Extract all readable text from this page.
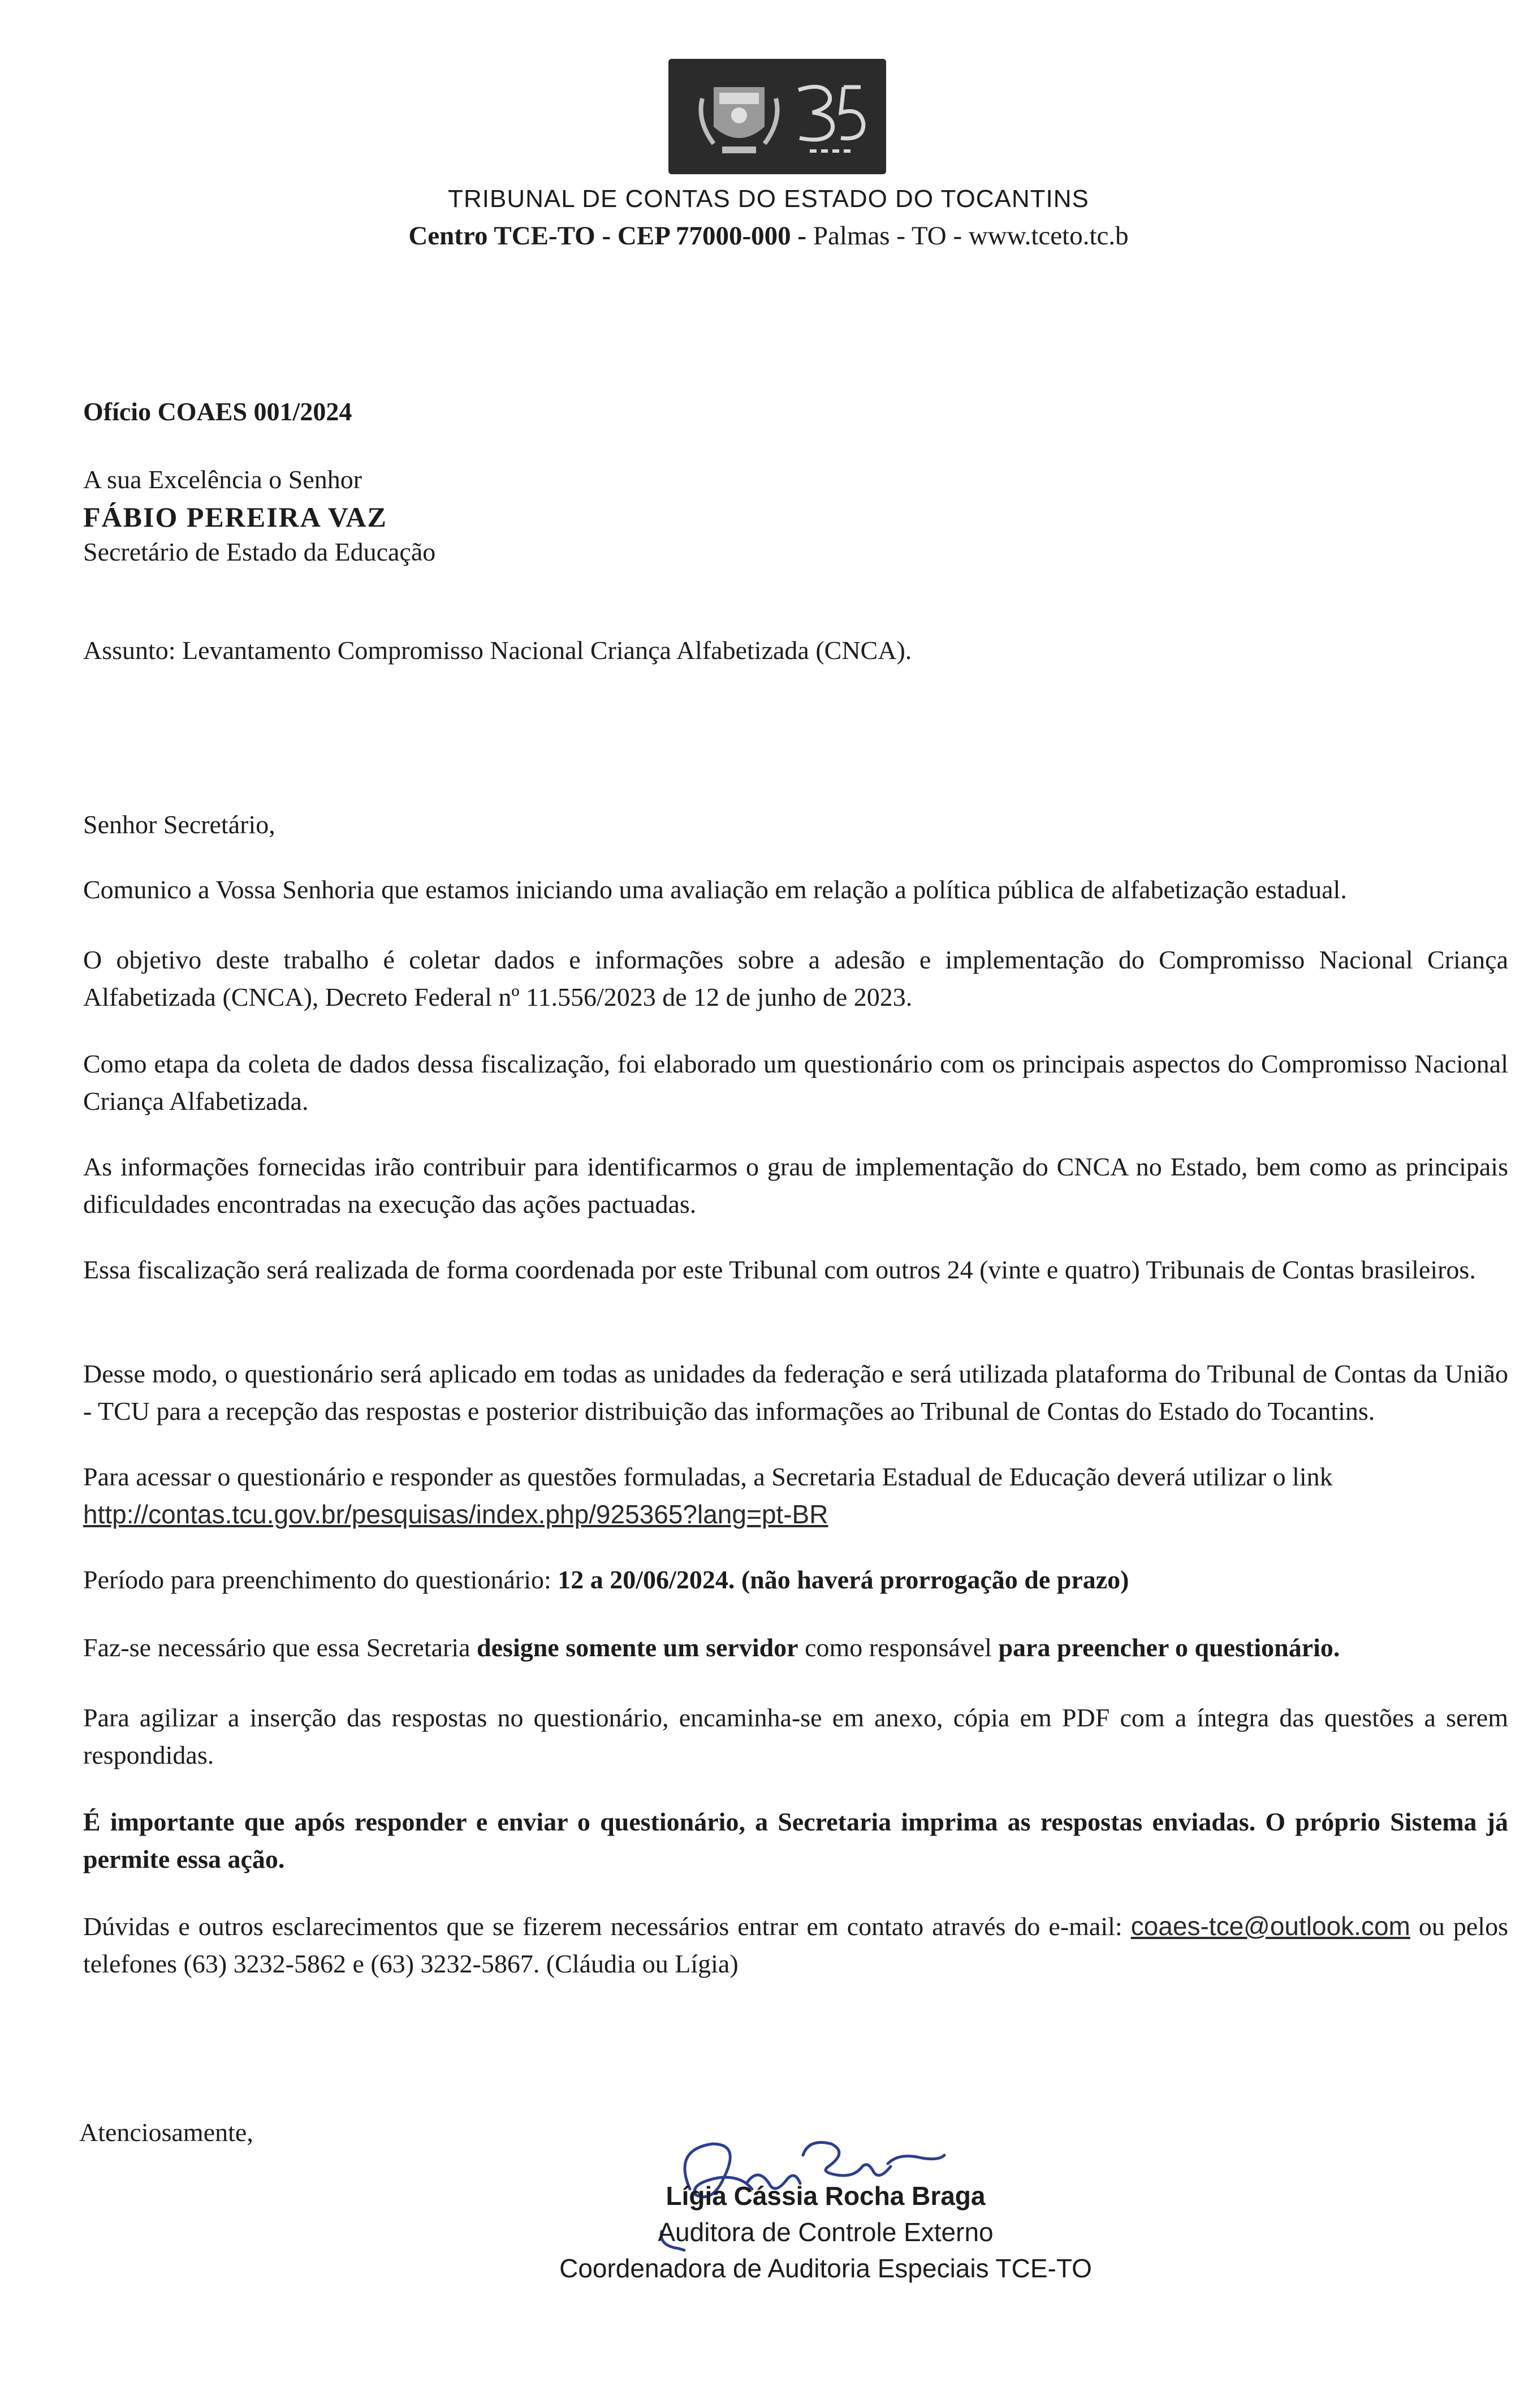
TRIBUNAL DE CONTAS DO ESTADO DO TOCANTINS
Centro TCE-TO - CEP 77000-000 - Palmas - TO - www.tceto.tc.b
Ofício COAES 001/2024
A sua Excelência o Senhor
FÁBIO PEREIRA VAZ
Secretário de Estado da Educação
Assunto: Levantamento Compromisso Nacional Criança Alfabetizada (CNCA).
Senhor Secretário,
Comunico a Vossa Senhoria que estamos iniciando uma avaliação em relação a política pública de alfabetização estadual.
O objetivo deste trabalho é coletar dados e informações sobre a adesão e implementação do Compromisso Nacional Criança Alfabetizada (CNCA), Decreto Federal nº 11.556/2023 de 12 de junho de 2023.
Como etapa da coleta de dados dessa fiscalização, foi elaborado um questionário com os principais aspectos do Compromisso Nacional Criança Alfabetizada.
As informações fornecidas irão contribuir para identificarmos o grau de implementação do CNCA no Estado, bem como as principais dificuldades encontradas na execução das ações pactuadas.
Essa fiscalização será realizada de forma coordenada por este Tribunal com outros 24 (vinte e quatro) Tribunais de Contas brasileiros.
Desse modo, o questionário será aplicado em todas as unidades da federação e será utilizada plataforma do Tribunal de Contas da União - TCU para a recepção das respostas e posterior distribuição das informações ao Tribunal de Contas do Estado do Tocantins.
Para acessar o questionário e responder as questões formuladas, a Secretaria Estadual de Educação deverá utilizar o link
http://contas.tcu.gov.br/pesquisas/index.php/925365?lang=pt-BR
Período para preenchimento do questionário: 12 a 20/06/2024. (não haverá prorrogação de prazo)
Faz-se necessário que essa Secretaria designe somente um servidor como responsável para preencher o questionário.
Para agilizar a inserção das respostas no questionário, encaminha-se em anexo, cópia em PDF com a íntegra das questões a serem respondidas.
É importante que após responder e enviar o questionário, a Secretaria imprima as respostas enviadas. O próprio Sistema já permite essa ação.
Dúvidas e outros esclarecimentos que se fizerem necessários entrar em contato através do e-mail: coaes-tce@outlook.com ou pelos telefones (63) 3232-5862 e (63) 3232-5867. (Cláudia ou Lígia)
Atenciosamente,
Lígia Cássia Rocha Braga
Auditora de Controle Externo
Coordenadora de Auditoria Especiais TCE-TO
